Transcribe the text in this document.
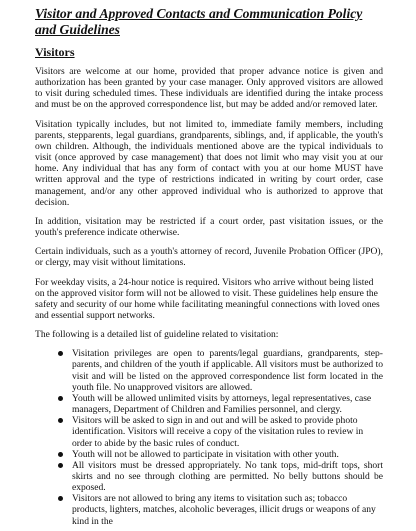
Visitor and Approved Contacts and Communication Policy and Guidelines
Visitors

Visitors are welcome at our home, provided that proper advance notice is given and authorization has been granted by your case manager. Only approved visitors are allowed to visit during scheduled times. These individuals are identified during the intake process and must be on the approved correspondence list, but may be added and/or removed later.

Visitation typically includes, but not limited to, immediate family members, including parents, stepparents, legal guardians, grandparents, siblings, and, if applicable, the youth's own children. Although, the individuals mentioned above are the typical individuals to visit (once approved by case management) that does not limit who may visit you at our home. Any individual that has any form of contact with you at our home MUST have written approval and the type of restrictions indicated in writing by court order, case management, and/or any other approved individual who is authorized to approve that decision.

In addition, visitation may be restricted if a court order, past visitation issues, or the youth's preference indicate otherwise.

Certain individuals, such as a youth's attorney of record, Juvenile Probation Officer (JPO), or clergy, may visit without limitations.

For weekday visits, a 24-hour notice is required. Visitors who arrive without being listed on the approved visitor form will not be allowed to visit. These guidelines help ensure the safety and security of our home while facilitating meaningful connections with loved ones and essential support networks.

The following is a detailed list of guideline related to visitation:

Visitation privileges are open to parents/legal guardians, grandparents, step-parents, and children of the youth if applicable. All visitors must be authorized to visit and will be listed on the approved correspondence list form located in the youth file. No unapproved visitors are allowed.
Youth will be allowed unlimited visits by attorneys, legal representatives, case managers, Department of Children and Families personnel, and clergy.
Visitors will be asked to sign in and out and will be asked to provide photo identification. Visitors will receive a copy of the visitation rules to review in order to abide by the basic rules of conduct.
Youth will not be allowed to participate in visitation with other youth.
All visitors must be dressed appropriately. No tank tops, mid-drift tops, short skirts and no see through clothing are permitted. No belly buttons should be exposed.
Visitors are not allowed to bring any items to visitation such as; tobacco products, lighters, matches, alcoholic beverages, illicit drugs or weapons of any kind in the
